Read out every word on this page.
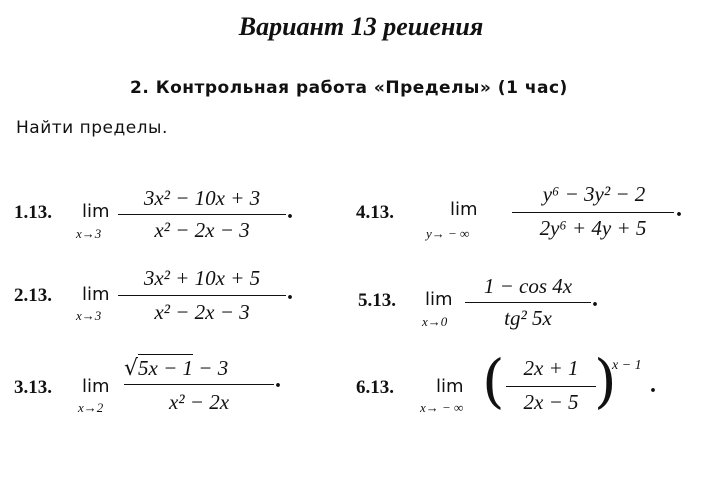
Вариант 13 решения
2. Контрольная работа «Пределы» (1 час)
Найти пределы.
1.13. lim
x→3
3x² − 10x + 3
x² − 2x − 3
.
2.13. lim
x→3
3x² + 10x + 5
x² − 2x − 3
.
3.13. lim
x→2
√5x − 1 − 3
x² − 2x
.
4.13.	lim
y→ − ∞
y⁶ − 3y² − 2
2y⁶ + 4y + 5
.
5.13. lim
x→0
1 − cos 4x
tg² 5x
.
6.13. lim
x→ − ∞ ( 2x + 1
2x − 5 )
x − 1
.
